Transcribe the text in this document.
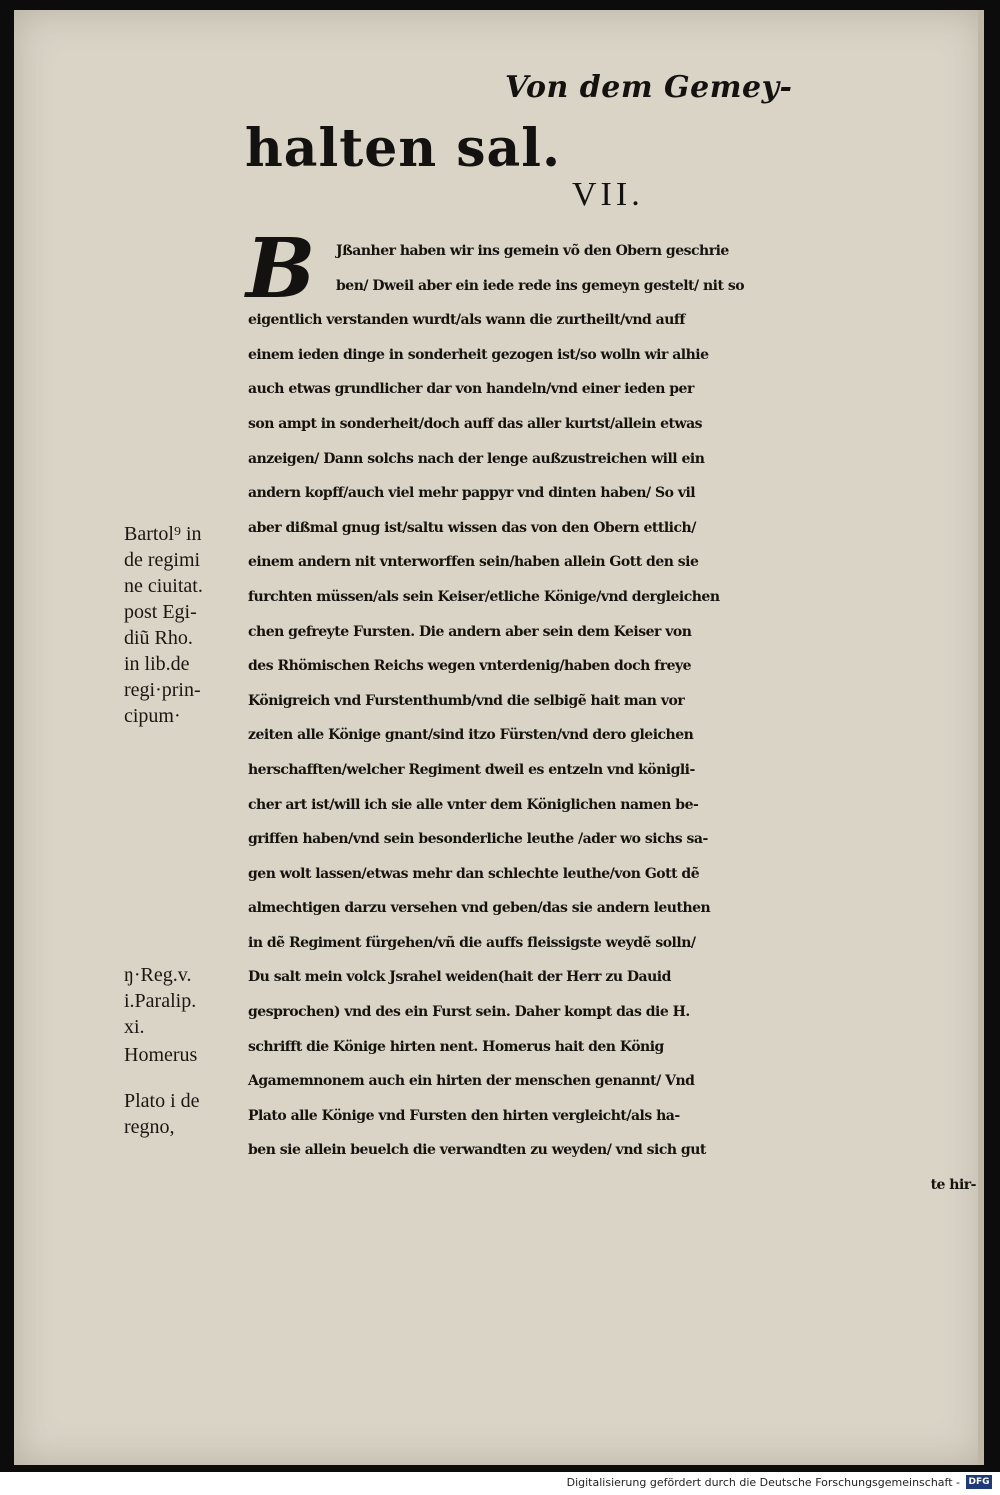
Von dem Gemey-
halten sal.
VII.
B	Jßanher haben wir ins gemein võ den Obern geschrie
ben/ Dweil aber ein iede rede ins gemeyn gestelt/ nit so
eigentlich verstanden wurdt/als wann die zurtheilt/vnd auff
einem ieden dinge in sonderheit gezogen ist/so wolln wir alhie
auch etwas grundlicher dar von handeln/vnd einer ieden per
son ampt in sonderheit/doch auff das aller kurtst/allein etwas
anzeigen/ Dann solchs nach der lenge außzustreichen will ein
andern kopff/auch viel mehr pappyr vnd dinten haben/ So vil
aber dißmal gnug ist/saltu wissen das von den Obern ettlich/
einem andern nit vnterworffen sein/haben allein Gott den sie
furchten müssen/als sein Keiser/etliche Könige/vnd dergleichen
chen gefreyte Fursten. Die andern aber sein dem Keiser von
des Rhömischen Reichs wegen vnterdenig/haben doch freye
Königreich vnd Furstenthumb/vnd die selbigẽ hait man vor
zeiten alle Könige gnant/sind itzo Fürsten/vnd dero gleichen
herschafften/welcher Regiment dweil es entzeln vnd königli-
cher art ist/will ich sie alle vnter dem Königlichen namen be-
griffen haben/vnd sein besonderliche leuthe /ader wo sichs sa-
gen wolt lassen/etwas mehr dan schlechte leuthe/von Gott dẽ
almechtigen darzu versehen vnd geben/das sie andern leuthen
in dẽ Regiment fürgehen/vñ die auffs fleissigste weydẽ solln/
Du salt mein volck Jsrahel weiden(hait der Herr zu Dauid
gesprochen) vnd des ein Furst sein. Daher kompt das die H.
schrifft die Könige hirten nent. Homerus hait den König
Agamemnonem auch ein hirten der menschen genannt/ Vnd
Plato alle Könige vnd Fursten den hirten vergleicht/als ha-
ben sie allein beuelch die verwandten zu weyden/ vnd sich gut
te hir-
Bartol⁹ in
de regimi
ne ciuitat.
post Egi-
diũ Rho.
in lib.de
regi·prin-
cipum·
ŋ·Reg.v.
i.Paralip.
xi.
Homerus
Plato i de
regno,
Digitalisierung gefördert durch die Deutsche Forschungsgemeinschaft - DFG
